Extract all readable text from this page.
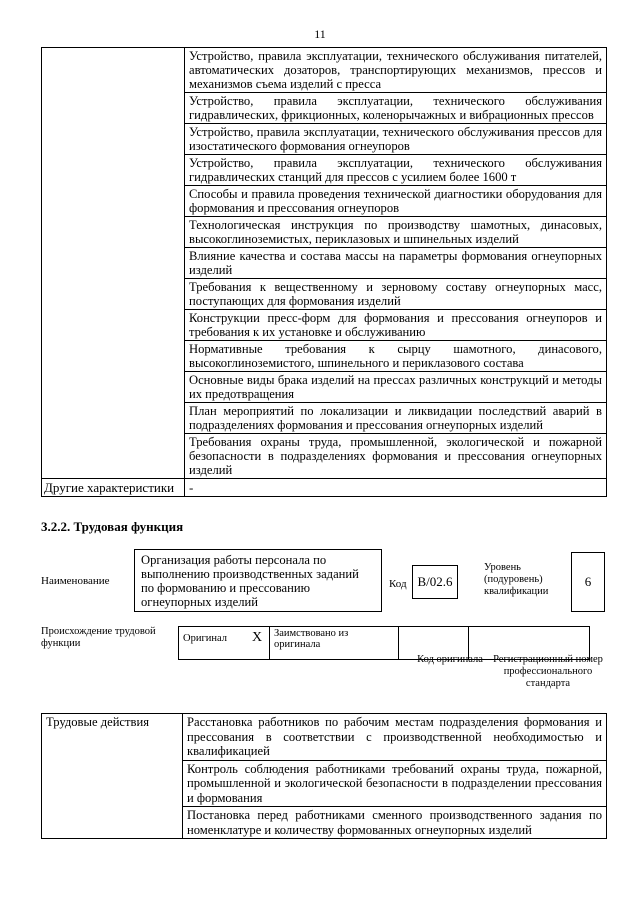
11
	Устройство, правила эксплуатации, технического обслуживания питателей, автоматических дозаторов, транспортирующих механизмов, прессов и механизмов съема изделий с пресса
	Устройство, правила эксплуатации, технического обслуживания гидравлических, фрикционных, коленорычажных и вибрационных прессов
	Устройство, правила эксплуатации, технического обслуживания прессов для изостатического формования огнеупоров
	Устройство, правила эксплуатации, технического обслуживания гидравлических станций для прессов с усилием более 1600 т
	Способы и правила проведения технической диагностики оборудования для формования и прессования огнеупоров
	Технологическая инструкция по производству шамотных, динасовых, высокоглиноземистых, периклазовых и шпинельных изделий
	Влияние качества и состава массы на параметры формования огнеупорных изделий
	Требования к вещественному и зерновому составу огнеупорных масс, поступающих для формования изделий
	Конструкции пресс-форм для формования и прессования огнеупоров и требования к их установке и обслуживанию
	Нормативные требования к сырцу шамотного, динасового, высокоглиноземистого, шпинельного и периклазового состава
	Основные виды брака изделий на прессах различных конструкций и методы их предотвращения
	План мероприятий по локализации и ликвидации последствий аварий в подразделениях формования и прессования огнеупорных изделий
	Требования охраны труда, промышленной, экологической и пожарной безопасности в подразделениях формования и прессования огнеупорных изделий
Другие характеристики	-
3.2.2. Трудовая функция
Наименование
Организация работы персонала по выполнению производственных заданий по формованию и прессованию огнеупорных изделий
Код B/02.6
Уровень (подуровень) квалификации
6
Происхождение трудовой функции	Оригинал	X	Заимствовано из оригинала		
Код оригинала Регистрационный номер профессионального стандарта
Трудовые действия	Расстановка работников по рабочим местам подразделения формования и прессования в соответствии с производственной необходимостью и квалификацией
Контроль соблюдения работниками требований охраны труда, пожарной, промышленной и экологической безопасности в подразделении прессования и формования
Постановка перед работниками сменного производственного задания по номенклатуре и количеству формованных огнеупорных изделий
